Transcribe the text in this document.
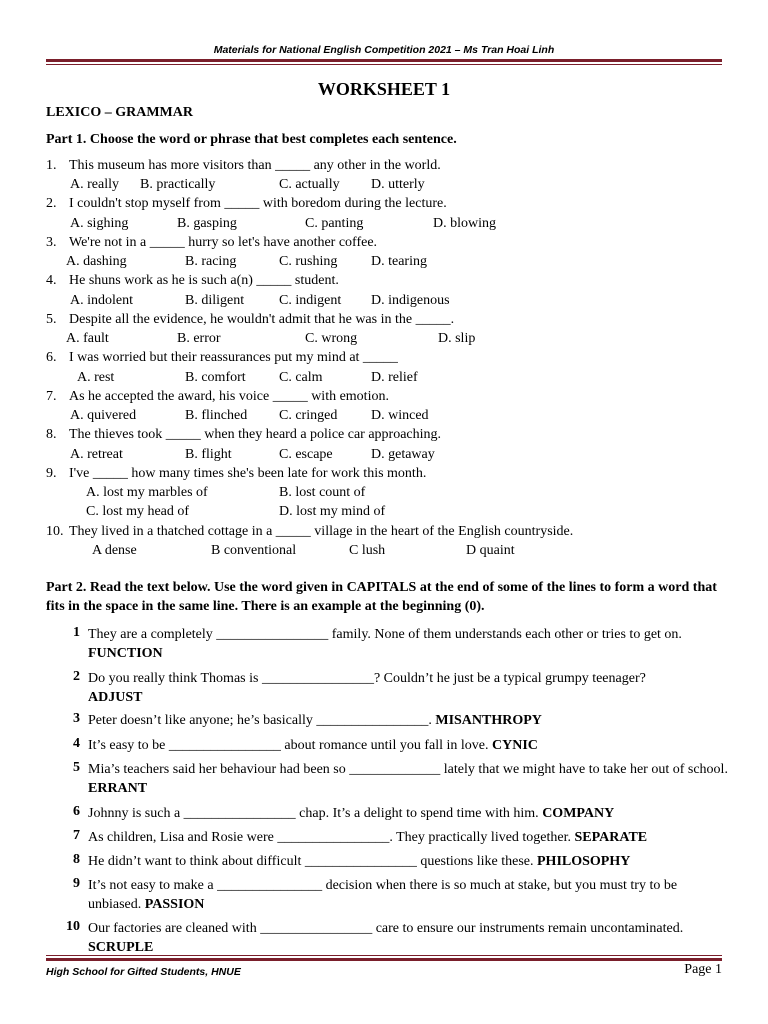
Materials for National English Competition 2021 – Ms Tran Hoai Linh
WORKSHEET 1
LEXICO – GRAMMAR
Part 1. Choose the word or phrase that best completes each sentence.
1. This museum has more visitors than _____ any other in the world.
A. really B. practically	C. actually D. utterly
2. I couldn't stop myself from _____ with boredom during the lecture.
A. sighing	B. gasping	C. panting	D. blowing
3. We're not in a _____ hurry so let's have another coffee.
A. dashing	B. racing	C. rushing D. tearing
4. He shuns work as he is such a(n) _____ student.
A. indolent	B. diligent C. indigent D. indigenous
5. Despite all the evidence, he wouldn't admit that he was in the _____.
A. fault	B. error	C. wrong	D. slip
6. I was worried but their reassurances put my mind at _____
A. rest	B. comfort C. calm	D. relief
7. As he accepted the award, his voice _____ with emotion.
A. quivered	B. flinched C. cringed D. winced
8. The thieves took _____ when they heard a police car approaching.
A. retreat	B. flight	C. escape	D. getaway
9. I've _____ how many times she's been late for work this month.
A. lost my marbles of	B. lost count of
C. lost my head of	D. lost my mind of
10. They lived in a thatched cottage in a _____ village in the heart of the English countryside.
A dense	B conventional	C lush	D quaint
Part 2. Read the text below. Use the word given in CAPITALS at the end of some of the lines to form a word that fits in the space in the same line. There is an example at the beginning (0).
1 They are a completely ________________ family. None of them understands each other or tries to get on.
FUNCTION
2 Do you really think Thomas is ________________? Couldn’t he just be a typical grumpy teenager?
ADJUST
3 Peter doesn’t like anyone; he’s basically ________________. MISANTHROPY
4 It’s easy to be ________________ about romance until you fall in love. CYNIC
5 Mia’s teachers said her behaviour had been so _____________ lately that we might have to take her out of school. ERRANT
6 Johnny is such a ________________ chap. It’s a delight to spend time with him. COMPANY
7 As children, Lisa and Rosie were ________________. They practically lived together. SEPARATE
8 He didn’t want to think about difficult ________________ questions like these. PHILOSOPHY
9 It’s not easy to make a _______________ decision when there is so much at stake, but you must try to be unbiased. PASSION
10 Our factories are cleaned with ________________ care to ensure our instruments remain uncontaminated.
SCRUPLE
High School for Gifted Students, HNUE	Page 1
